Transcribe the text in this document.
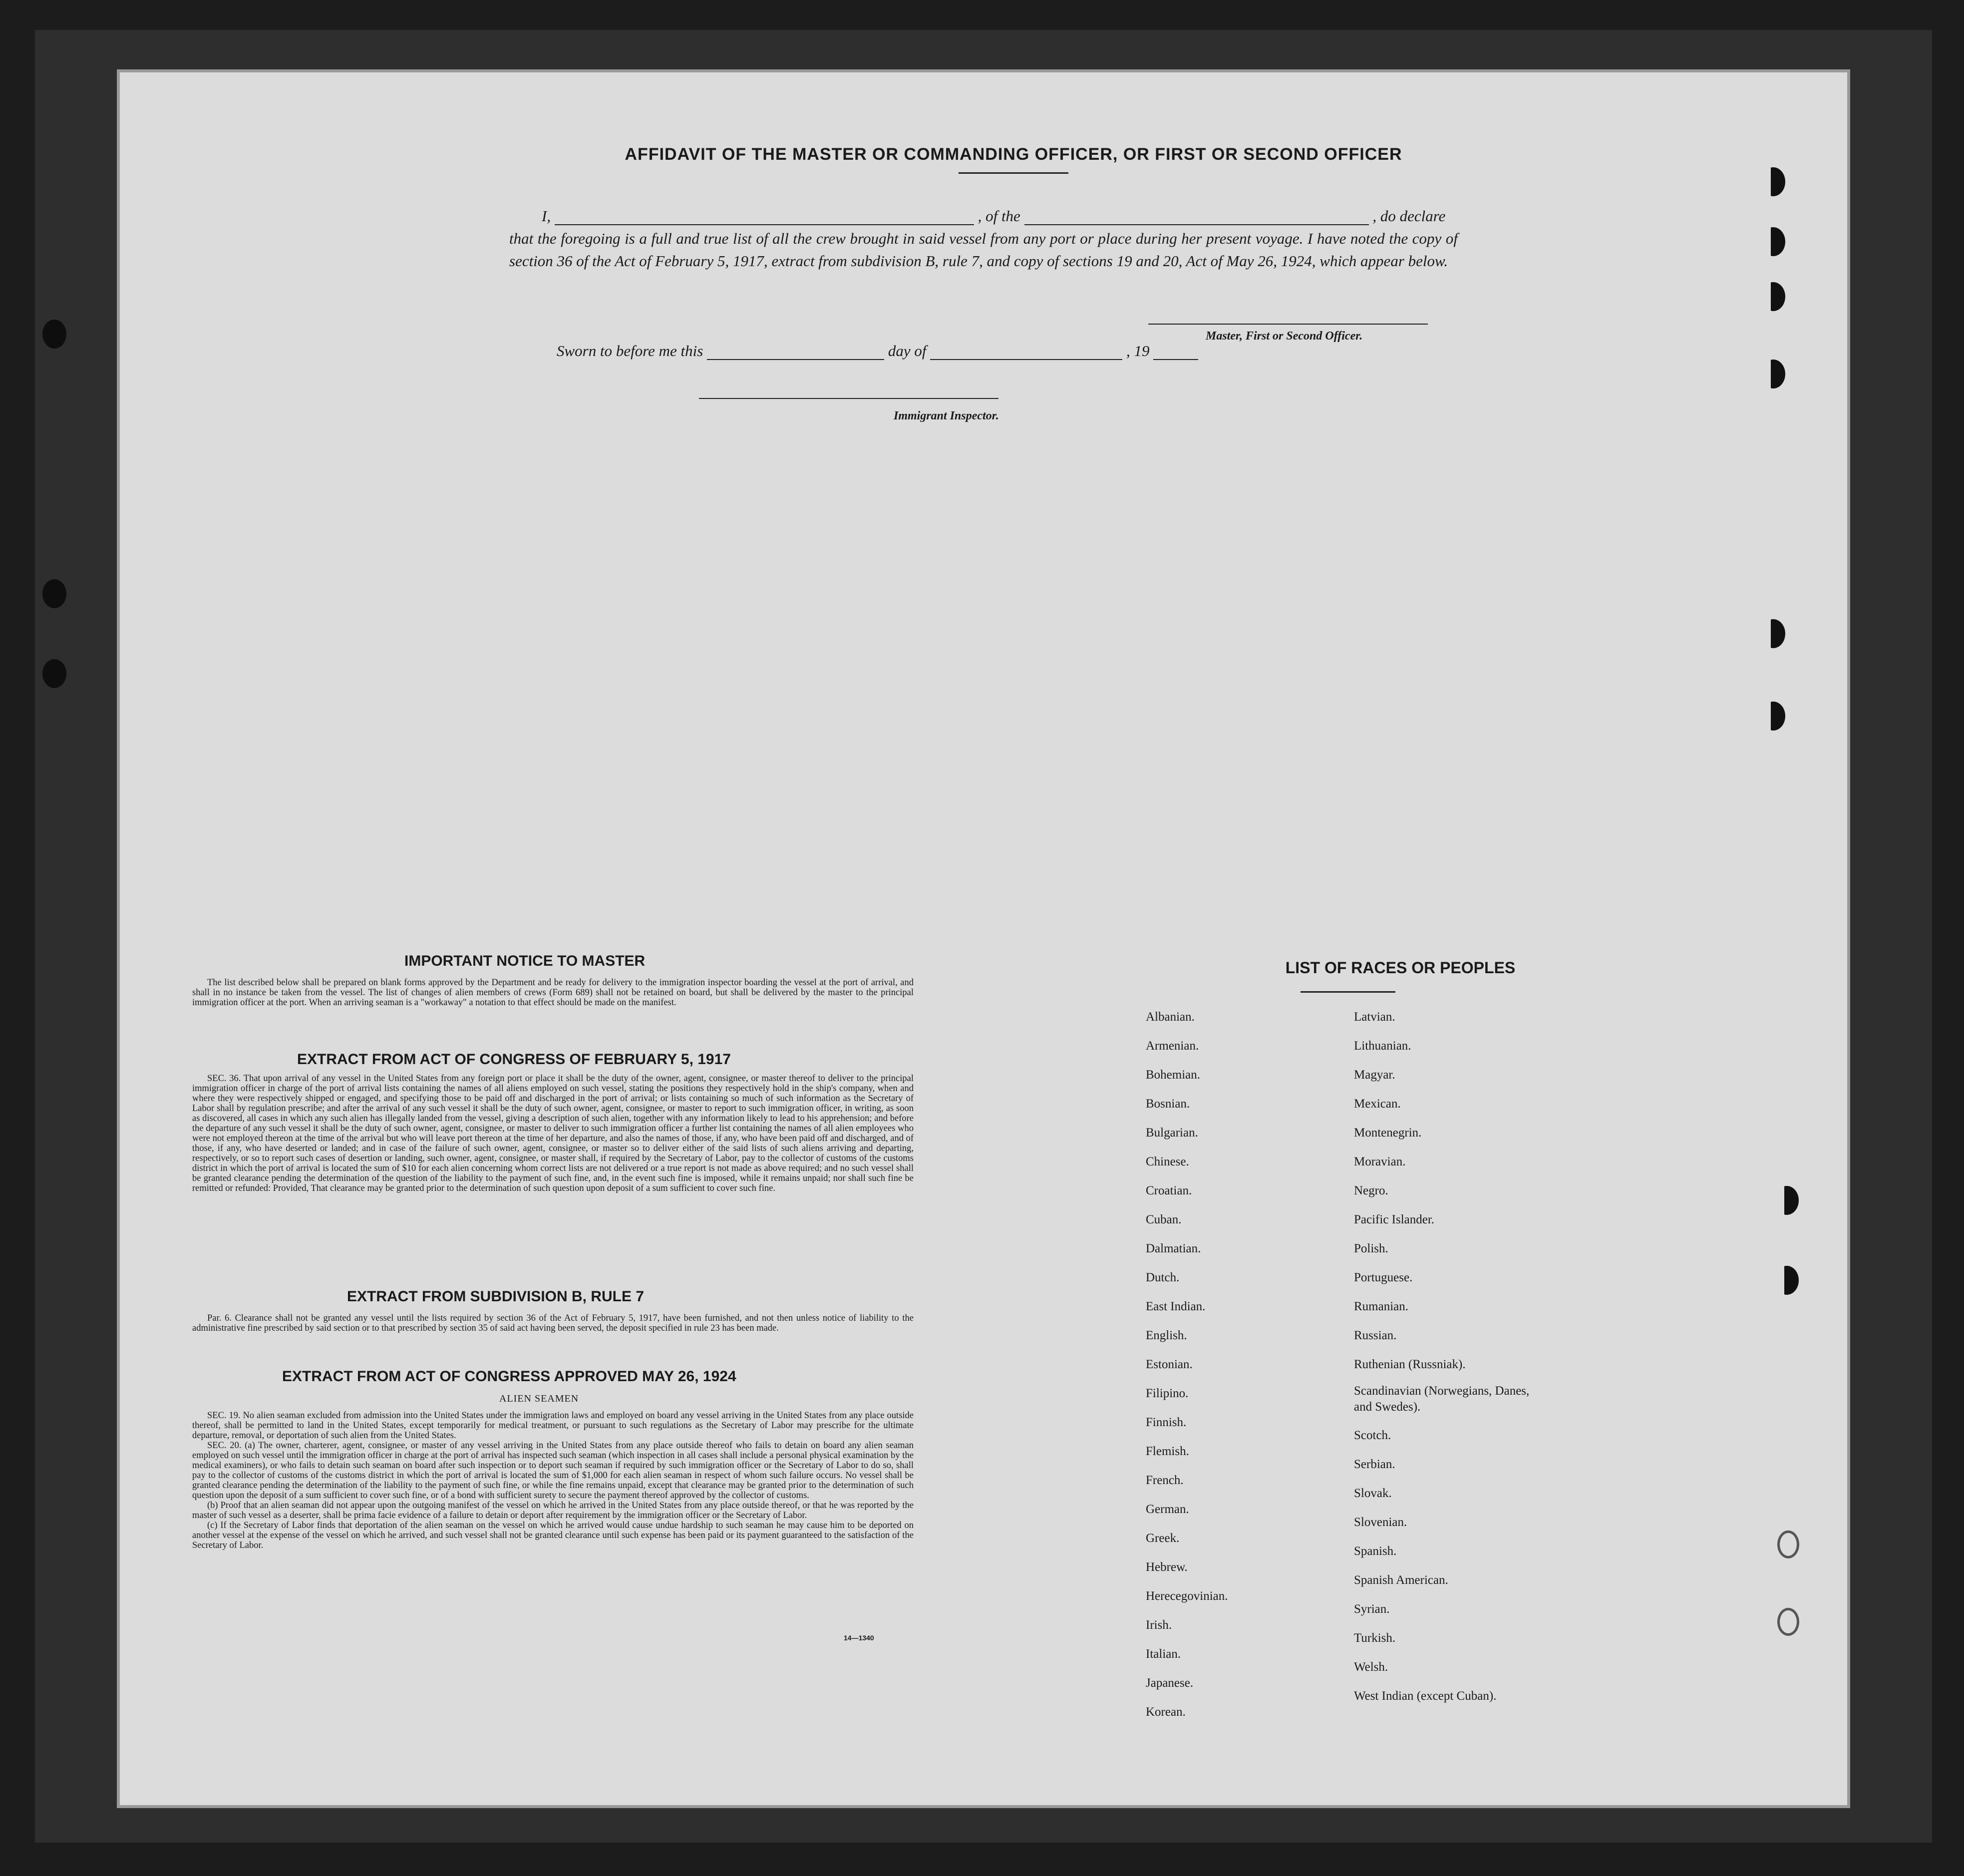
AFFIDAVIT OF THE MASTER OR COMMANDING OFFICER, OR FIRST OR SECOND OFFICER
I,	, of the	, do declare
that the foregoing is a full and true list of all the crew brought in said vessel from any port or place during her present voyage. I have noted the copy of section 36 of the Act of February 5, 1917, extract from subdivision B, rule 7, and copy of sections 19 and 20, Act of May 26, 1924, which appear below.
Master, First or Second Officer.
Sworn to before me this	day of	, 19
Immigrant Inspector.
IMPORTANT NOTICE TO MASTER

The list described below shall be prepared on blank forms approved by the Department and be ready for delivery to the immigration inspector boarding the vessel at the port of arrival, and shall in no instance be taken from the vessel. The list of changes of alien members of crews (Form 689) shall not be retained on board, but shall be delivered by the master to the principal immigration officer at the port. When an arriving seaman is a "workaway" a notation to that effect should be made on the manifest.

EXTRACT FROM ACT OF CONGRESS OF FEBRUARY 5, 1917

SEC. 36. That upon arrival of any vessel in the United States from any foreign port or place it shall be the duty of the owner, agent, consignee, or master thereof to deliver to the principal immigration officer in charge of the port of arrival lists containing the names of all aliens employed on such vessel, stating the positions they respectively hold in the ship's company, when and where they were respectively shipped or engaged, and specifying those to be paid off and discharged in the port of arrival; or lists containing so much of such information as the Secretary of Labor shall by regulation prescribe; and after the arrival of any such vessel it shall be the duty of such owner, agent, consignee, or master to report to such immigration officer, in writing, as soon as discovered, all cases in which any such alien has illegally landed from the vessel, giving a description of such alien, together with any information likely to lead to his apprehension; and before the departure of any such vessel it shall be the duty of such owner, agent, consignee, or master to deliver to such immigration officer a further list containing the names of all alien employees who were not employed thereon at the time of the arrival but who will leave port thereon at the time of her departure, and also the names of those, if any, who have been paid off and discharged, and of those, if any, who have deserted or landed; and in case of the failure of such owner, agent, consignee, or master so to deliver either of the said lists of such aliens arriving and departing, respectively, or so to report such cases of desertion or landing, such owner, agent, consignee, or master shall, if required by the Secretary of Labor, pay to the collector of customs of the customs district in which the port of arrival is located the sum of $10 for each alien concerning whom correct lists are not delivered or a true report is not made as above required; and no such vessel shall be granted clearance pending the determination of the question of the liability to the payment of such fine, and, in the event such fine is imposed, while it remains unpaid; nor shall such fine be remitted or refunded: Provided, That clearance may be granted prior to the determination of such question upon deposit of a sum sufficient to cover such fine.

EXTRACT FROM SUBDIVISION B, RULE 7

Par. 6. Clearance shall not be granted any vessel until the lists required by section 36 of the Act of February 5, 1917, have been furnished, and not then unless notice of liability to the administrative fine prescribed by said section or to that prescribed by section 35 of said act having been served, the deposit specified in rule 23 has been made.

EXTRACT FROM ACT OF CONGRESS APPROVED MAY 26, 1924
ALIEN SEAMEN

SEC. 19. No alien seaman excluded from admission into the United States under the immigration laws and employed on board any vessel arriving in the United States from any place outside thereof, shall be permitted to land in the United States, except temporarily for medical treatment, or pursuant to such regulations as the Secretary of Labor may prescribe for the ultimate departure, removal, or deportation of such alien from the United States.

SEC. 20. (a) The owner, charterer, agent, consignee, or master of any vessel arriving in the United States from any place outside thereof who fails to detain on board any alien seaman employed on such vessel until the immigration officer in charge at the port of arrival has inspected such seaman (which inspection in all cases shall include a personal physical examination by the medical examiners), or who fails to detain such seaman on board after such inspection or to deport such seaman if required by such immigration officer or the Secretary of Labor to do so, shall pay to the collector of customs of the customs district in which the port of arrival is located the sum of $1,000 for each alien seaman in respect of whom such failure occurs. No vessel shall be granted clearance pending the determination of the liability to the payment of such fine, or while the fine remains unpaid, except that clearance may be granted prior to the determination of such question upon the deposit of a sum sufficient to cover such fine, or of a bond with sufficient surety to secure the payment thereof approved by the collector of customs.

(b) Proof that an alien seaman did not appear upon the outgoing manifest of the vessel on which he arrived in the United States from any place outside thereof, or that he was reported by the master of such vessel as a deserter, shall be prima facie evidence of a failure to detain or deport after requirement by the immigration officer or the Secretary of Labor.

(c) If the Secretary of Labor finds that deportation of the alien seaman on the vessel on which he arrived would cause undue hardship to such seaman he may cause him to be deported on another vessel at the expense of the vessel on which he arrived, and such vessel shall not be granted clearance until such expense has been paid or its payment guaranteed to the satisfaction of the Secretary of Labor.

14—1340
LIST OF RACES OR PEOPLES
Albanian.
Armenian.
Bohemian.
Bosnian.
Bulgarian.
Chinese.
Croatian.
Cuban.
Dalmatian.
Dutch.
East Indian.
English.
Estonian.
Filipino.
Finnish.
Flemish.
French.
German.
Greek.
Hebrew.
Herecegovinian.
Irish.
Italian.
Japanese.
Korean.
Latvian.
Lithuanian.
Magyar.
Mexican.
Montenegrin.
Moravian.
Negro.
Pacific Islander.
Polish.
Portuguese.
Rumanian.
Russian.
Ruthenian (Russniak).
Scandinavian (Norwegians, Danes, and Swedes).
Scotch.
Serbian.
Slovak.
Slovenian.
Spanish.
Spanish American.
Syrian.
Turkish.
Welsh.
West Indian (except Cuban).
